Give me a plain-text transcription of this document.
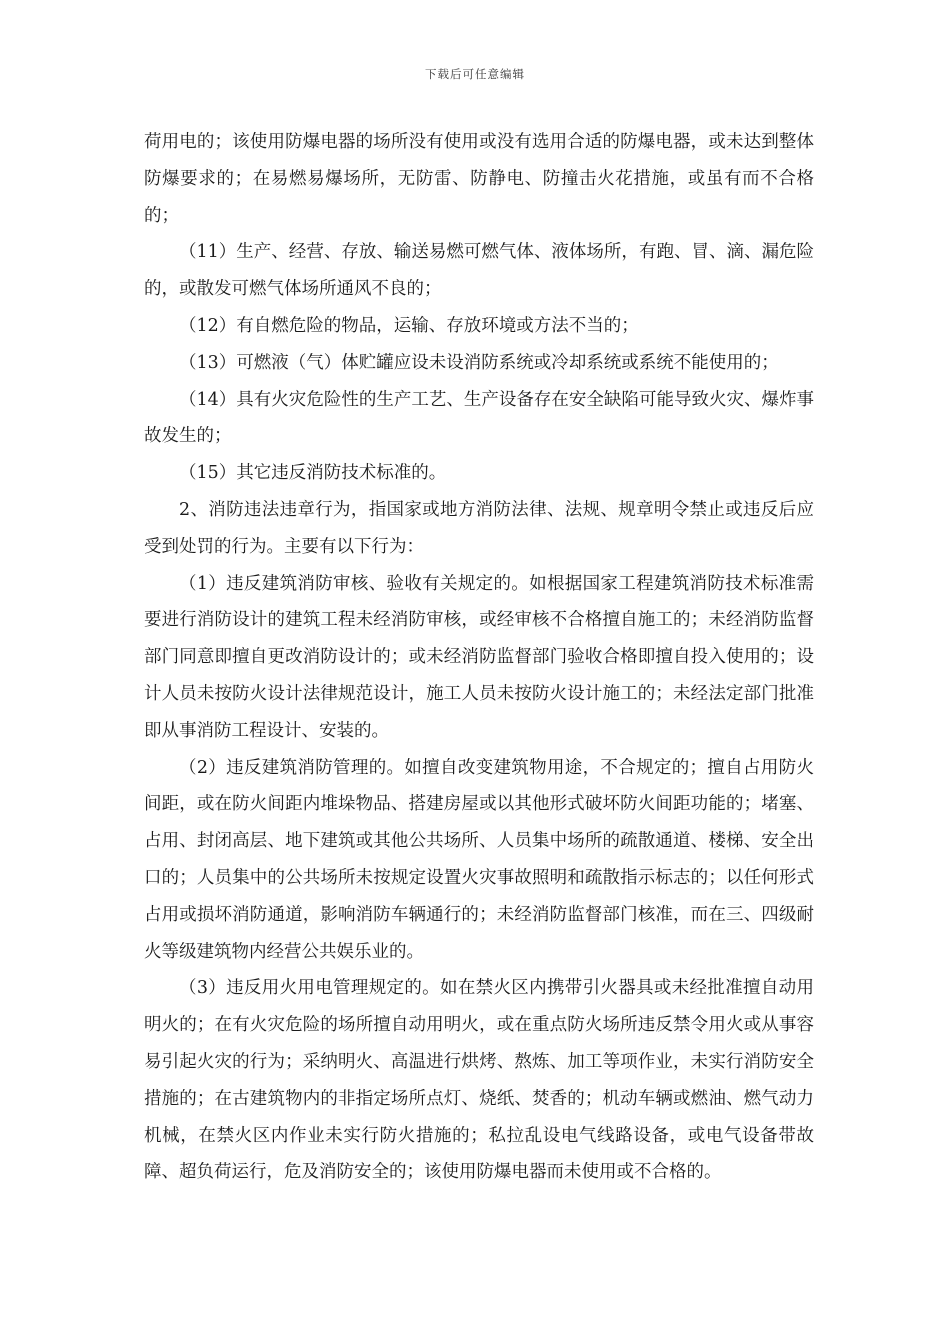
下载后可任意编辑

荷用电的；该使用防爆电器的场所没有使用或没有选用合适的防爆电器，或未达到整体防爆要求的；在易燃易爆场所，无防雷、防静电、防撞击火花措施，或虽有而不合格的；

（11）生产、经营、存放、输送易燃可燃气体、液体场所，有跑、冒、滴、漏危险的，或散发可燃气体场所通风不良的；

（12）有自燃危险的物品，运输、存放环境或方法不当的；

（13）可燃液（气）体贮罐应设未设消防系统或冷却系统或系统不能使用的；

（14）具有火灾危险性的生产工艺、生产设备存在安全缺陷可能导致火灾、爆炸事故发生的；

（15）其它违反消防技术标准的。

2、消防违法违章行为，指国家或地方消防法律、法规、规章明令禁止或违反后应受到处罚的行为。主要有以下行为：

（1）违反建筑消防审核、验收有关规定的。如根据国家工程建筑消防技术标准需要进行消防设计的建筑工程未经消防审核，或经审核不合格擅自施工的；未经消防监督部门同意即擅自更改消防设计的；或未经消防监督部门验收合格即擅自投入使用的；设计人员未按防火设计法律规范设计，施工人员未按防火设计施工的；未经法定部门批准即从事消防工程设计、安装的。

（2）违反建筑消防管理的。如擅自改变建筑物用途，不合规定的；擅自占用防火间距，或在防火间距内堆垛物品、搭建房屋或以其他形式破坏防火间距功能的；堵塞、占用、封闭高层、地下建筑或其他公共场所、人员集中场所的疏散通道、楼梯、安全出口的；人员集中的公共场所未按规定设置火灾事故照明和疏散指示标志的；以任何形式占用或损坏消防通道，影响消防车辆通行的；未经消防监督部门核准，而在三、四级耐火等级建筑物内经营公共娱乐业的。

（3）违反用火用电管理规定的。如在禁火区内携带引火器具或未经批准擅自动用明火的；在有火灾危险的场所擅自动用明火，或在重点防火场所违反禁令用火或从事容易引起火灾的行为；采纳明火、高温进行烘烤、熬炼、加工等项作业，未实行消防安全措施的；在古建筑物内的非指定场所点灯、烧纸、焚香的；机动车辆或燃油、燃气动力机械，在禁火区内作业未实行防火措施的；私拉乱设电气线路设备，或电气设备带故障、超负荷运行，危及消防安全的；该使用防爆电器而未使用或不合格的。
